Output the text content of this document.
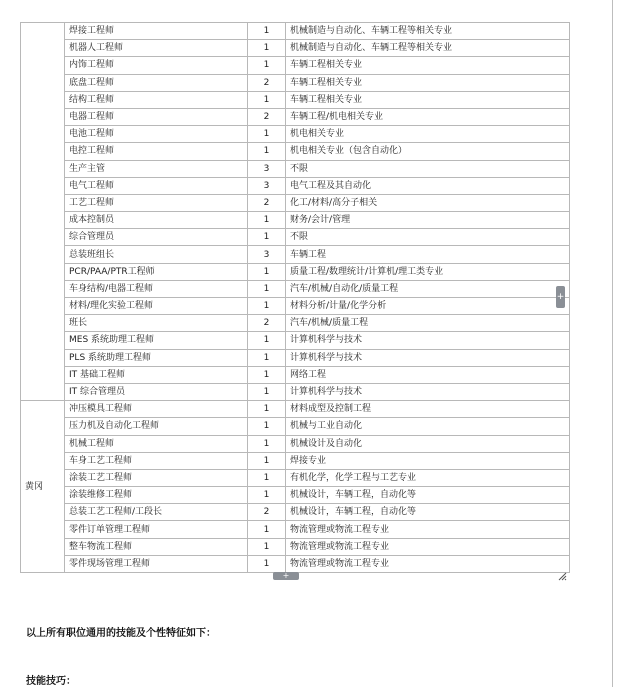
	焊接工程师	1	机械制造与自动化、车辆工程等相关专业
	机器人工程师	1	机械制造与自动化、车辆工程等相关专业
	内饰工程师	1	车辆工程相关专业
	底盘工程师	2	车辆工程相关专业
	结构工程师	1	车辆工程相关专业
	电器工程师	2	车辆工程/机电相关专业
	电池工程师	1	机电相关专业
	电控工程师	1	机电相关专业（包含自动化）
	生产主管	3	不限
	电气工程师	3	电气工程及其自动化
	工艺工程师	2	化工/材料/高分子相关
	成本控制员	1	财务/会计/管理
	综合管理员	1	不限
	总装班组长	3	车辆工程
	PCR/PAA/PTR工程师	1	质量工程/数理统计/计算机/理工类专业
	车身结构/电器工程师	1	汽车/机械/自动化/质量工程
	材料/理化实验工程师	1	材料分析/计量/化学分析
	班长	2	汽车/机械/质量工程
	MES 系统助理工程师	1	计算机科学与技术
	PLS 系统助理工程师	1	计算机科学与技术
	IT 基础工程师	1	网络工程
	IT 综合管理员	1	计算机科学与技术
黄冈	冲压模具工程师	1	材料成型及控制工程
	压力机及自动化工程师	1	机械与工业自动化
	机械工程师	1	机械设计及自动化
	车身工艺工程师	1	焊接专业
	涂装工艺工程师	1	有机化学，化学工程与工艺专业
	涂装维修工程师	1	机械设计，车辆工程，自动化等
	总装工艺工程师/工段长	2	机械设计，车辆工程，自动化等
	零件订单管理工程师	1	物流管理或物流工程专业
	整车物流工程师	1	物流管理或物流工程专业
	零件现场管理工程师	1	物流管理或物流工程专业
+
+
以上所有职位通用的技能及个性特征如下：
技能技巧：
